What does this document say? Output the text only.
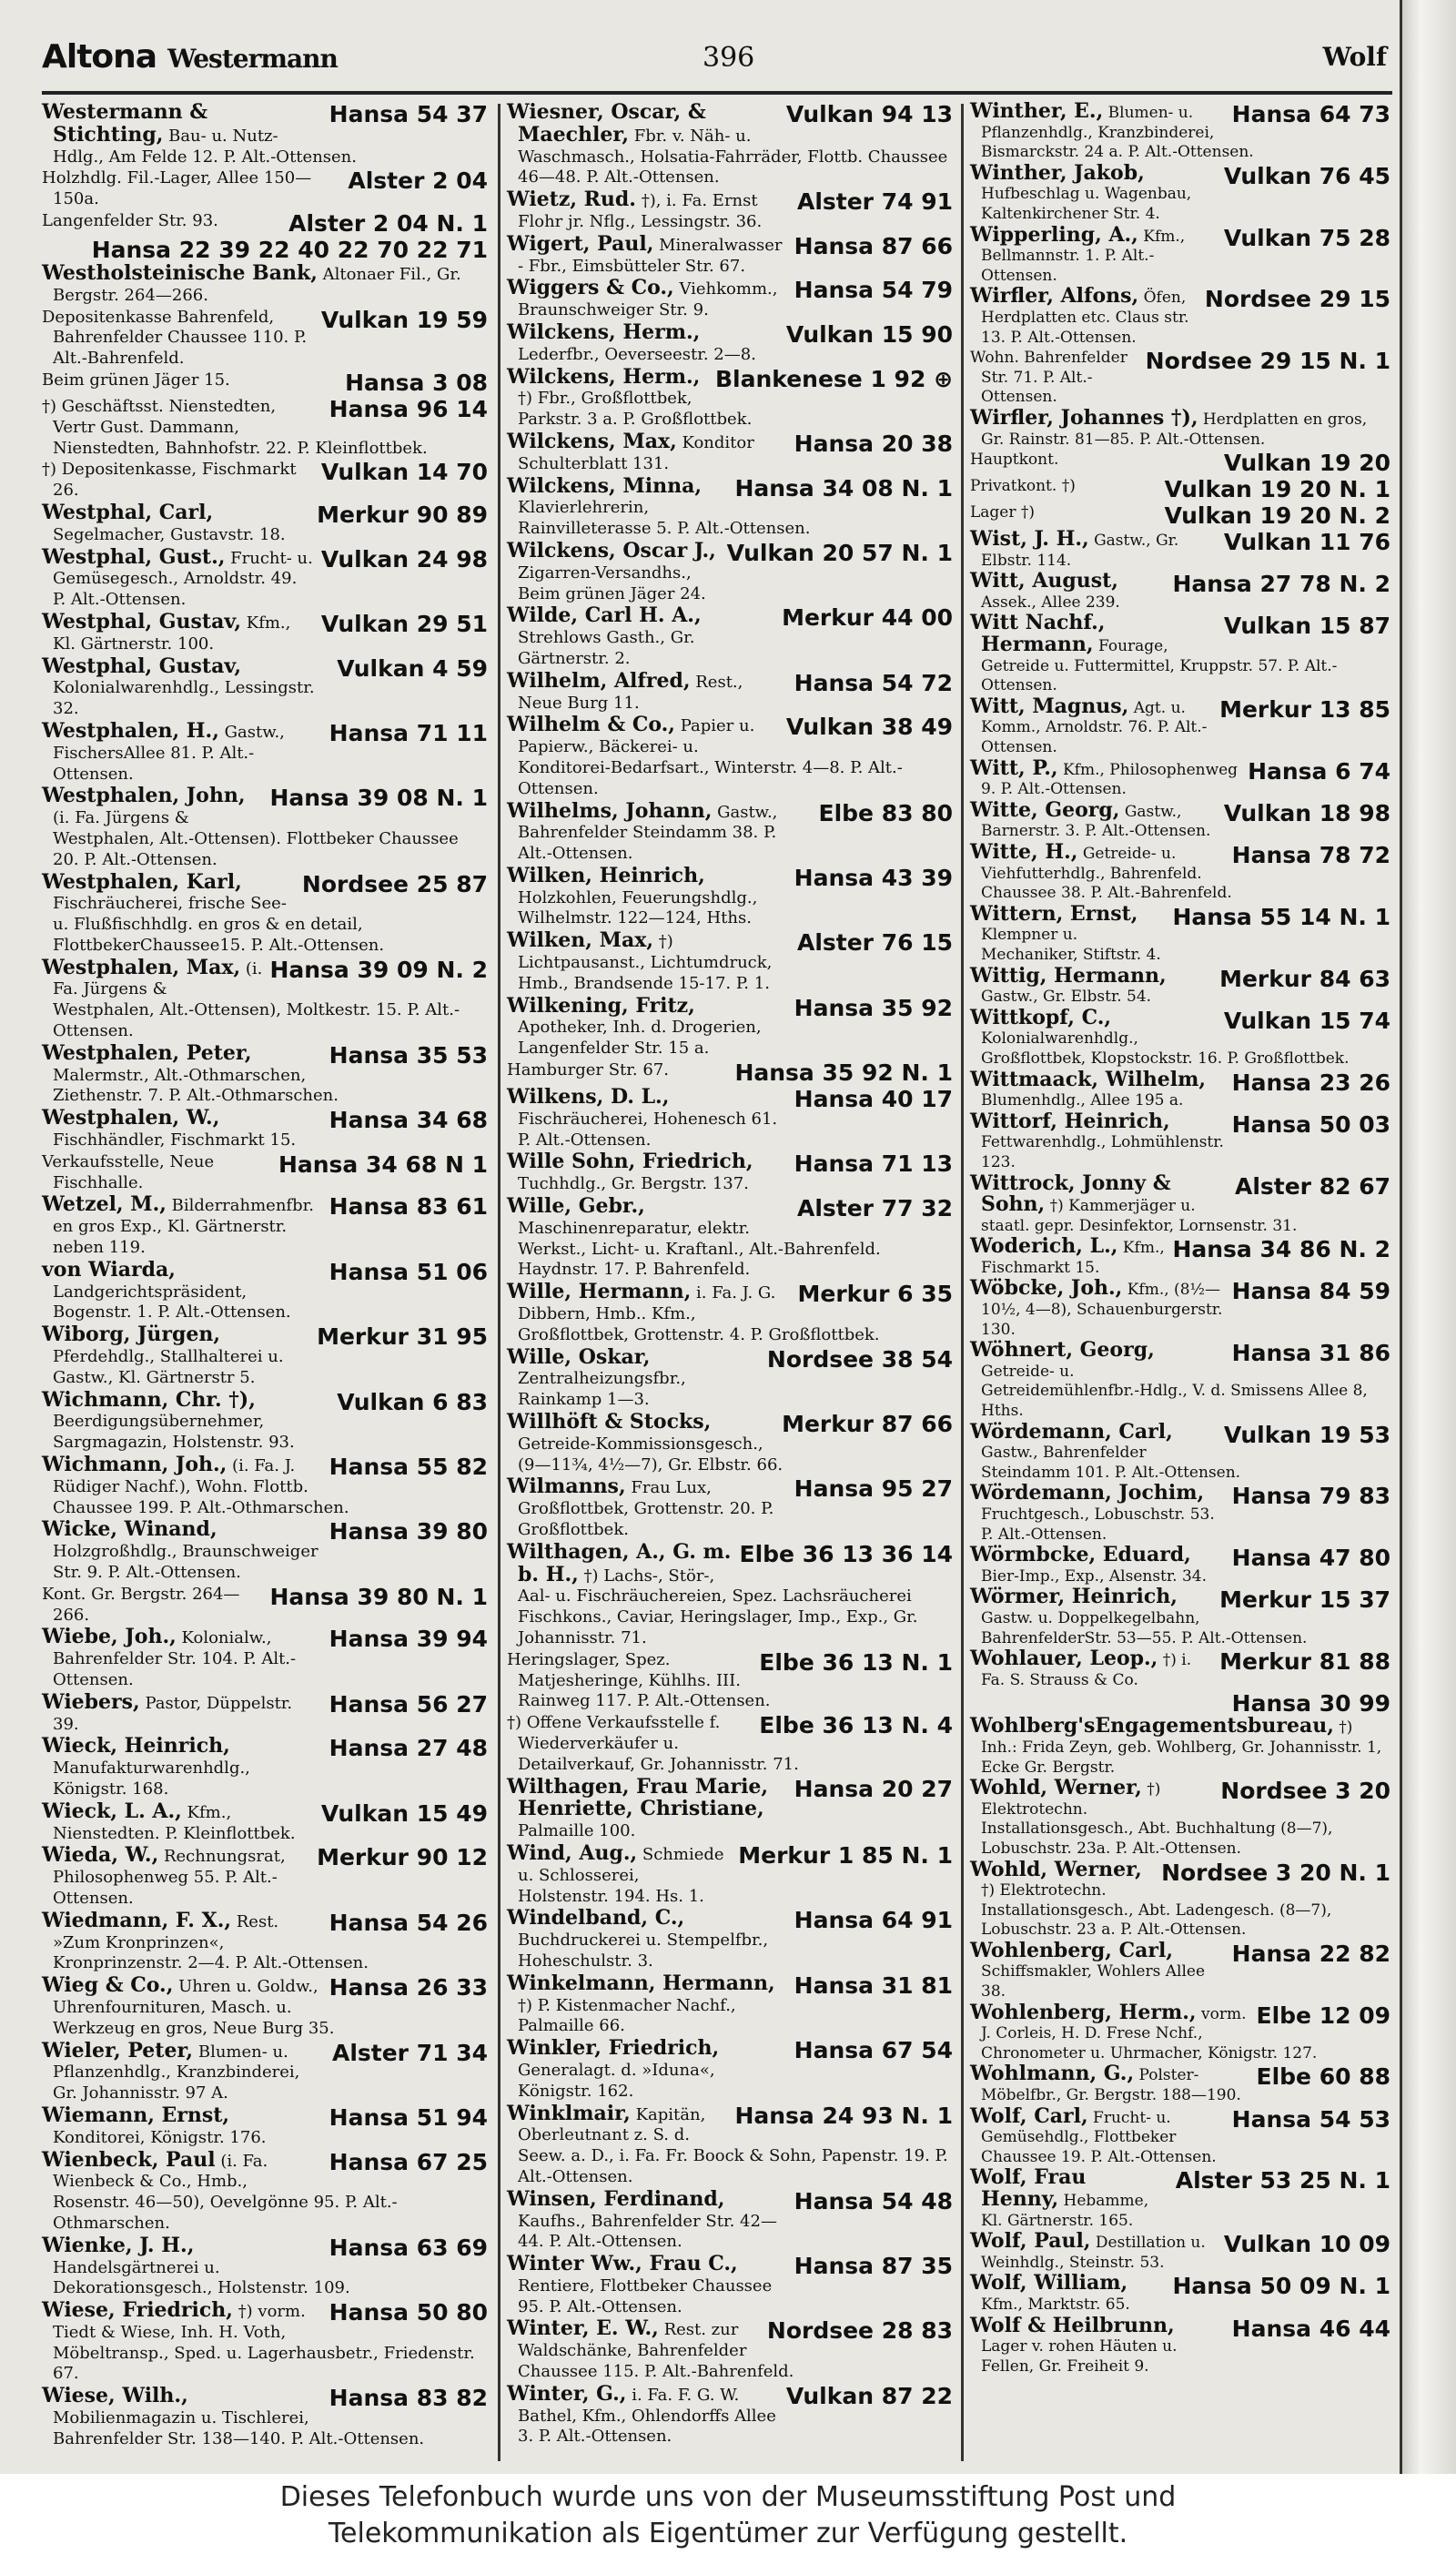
Altona Westermann	396	Wolf
Hansa 54 37
Westermann & Stichting, Bau- u. Nutz-Hdlg., Am Felde 12. P. Alt.-Ottensen.
Alster 2 04
Holzhdlg. Fil.-Lager, Allee 150—150a.
Alster 2 04 N. 1
Langenfelder Str. 93.
Hansa 22 39 22 40 22 70 22 71
Westholsteinische Bank, Altonaer Fil., Gr. Bergstr. 264—266.
Vulkan 19 59
Depositenkasse Bahrenfeld, Bahrenfelder Chaussee 110. P. Alt.-Bahrenfeld.
Hansa 3 08
Beim grünen Jäger 15.
Hansa 96 14
†) Geschäftsst. Nienstedten, Vertr Gust. Dammann, Nienstedten, Bahnhofstr. 22. P. Kleinflottbek.
Vulkan 14 70
†) Depositenkasse, Fischmarkt 26.
Merkur 90 89
Westphal, Carl, Segelmacher, Gustavstr. 18.
Vulkan 24 98
Westphal, Gust., Frucht- u. Gemüsegesch., Arnoldstr. 49. P. Alt.-Ottensen.
Vulkan 29 51
Westphal, Gustav, Kfm., Kl. Gärtnerstr. 100.
Vulkan 4 59
Westphal, Gustav, Kolonialwarenhdlg., Lessingstr. 32.
Hansa 71 11
Westphalen, H., Gastw., FischersAllee 81. P. Alt.-Ottensen.
Hansa 39 08 N. 1
Westphalen, John, (i. Fa. Jürgens & Westphalen, Alt.-Ottensen). Flottbeker Chaussee 20. P. Alt.-Ottensen.
Nordsee 25 87
Westphalen, Karl, Fischräucherei, frische See- u. Flußfischhdlg. en gros & en detail, FlottbekerChaussee15. P. Alt.-Ottensen.
Hansa 39 09 N. 2
Westphalen, Max, (i. Fa. Jürgens & Westphalen, Alt.-Ottensen), Moltkestr. 15. P. Alt.-Ottensen.
Hansa 35 53
Westphalen, Peter, Malermstr., Alt.-Othmarschen, Ziethenstr. 7. P. Alt.-Othmarschen.
Hansa 34 68
Westphalen, W., Fischhändler, Fischmarkt 15.
Hansa 34 68 N 1
Verkaufsstelle, Neue Fischhalle.
Hansa 83 61
Wetzel, M., Bilderrahmenfbr. en gros Exp., Kl. Gärtnerstr. neben 119.
Hansa 51 06
von Wiarda, Landgerichtspräsident, Bogenstr. 1. P. Alt.-Ottensen.
Merkur 31 95
Wiborg, Jürgen, Pferdehdlg., Stallhalterei u. Gastw., Kl. Gärtnerstr 5.
Vulkan 6 83
Wichmann, Chr. †), Beerdigungsübernehmer, Sargmagazin, Holstenstr. 93.
Hansa 55 82
Wichmann, Joh., (i. Fa. J. Rüdiger Nachf.), Wohn. Flottb. Chaussee 199. P. Alt.-Othmarschen.
Hansa 39 80
Wicke, Winand, Holzgroßhdlg., Braunschweiger Str. 9. P. Alt.-Ottensen.
Hansa 39 80 N. 1
Kont. Gr. Bergstr. 264—266.
Hansa 39 94
Wiebe, Joh., Kolonialw., Bahrenfelder Str. 104. P. Alt.-Ottensen.
Hansa 56 27
Wiebers, Pastor, Düppelstr. 39.
Hansa 27 48
Wieck, Heinrich, Manufakturwarenhdlg., Königstr. 168.
Vulkan 15 49
Wieck, L. A., Kfm., Nienstedten. P. Kleinflottbek.
Merkur 90 12
Wieda, W., Rechnungsrat, Philosophenweg 55. P. Alt.-Ottensen.
Hansa 54 26
Wiedmann, F. X., Rest. »Zum Kronprinzen«, Kronprinzenstr. 2—4. P. Alt.-Ottensen.
Hansa 26 33
Wieg & Co., Uhren u. Goldw., Uhrenfournituren, Masch. u. Werkzeug en gros, Neue Burg 35.
Alster 71 34
Wieler, Peter, Blumen- u. Pflanzenhdlg., Kranzbinderei, Gr. Johannisstr. 97 A.
Hansa 51 94
Wiemann, Ernst, Konditorei, Königstr. 176.
Hansa 67 25
Wienbeck, Paul (i. Fa. Wienbeck & Co., Hmb., Rosenstr. 46—50), Oevelgönne 95. P. Alt.-Othmarschen.
Hansa 63 69
Wienke, J. H., Handelsgärtnerei u. Dekorationsgesch., Holstenstr. 109.
Hansa 50 80
Wiese, Friedrich, †) vorm. Tiedt & Wiese, Inh. H. Voth, Möbeltransp., Sped. u. Lagerhausbetr., Friedenstr. 67.
Hansa 83 82
Wiese, Wilh., Mobilienmagazin u. Tischlerei, Bahrenfelder Str. 138—140. P. Alt.-Ottensen.
Vulkan 94 13
Wiesner, Oscar, & Maechler, Fbr. v. Näh- u. Waschmasch., Holsatia-Fahrräder, Flottb. Chaussee 46—48. P. Alt.-Ottensen.
Alster 74 91
Wietz, Rud. †), i. Fa. Ernst Flohr jr. Nflg., Lessingstr. 36.
Hansa 87 66
Wigert, Paul, Mineralwasser - Fbr., Eimsbütteler Str. 67.
Hansa 54 79
Wiggers & Co., Viehkomm., Braunschweiger Str. 9.
Vulkan 15 90
Wilckens, Herm., Lederfbr., Oeverseestr. 2—8.
Blankenese 1 92 ⊕
Wilckens, Herm., †) Fbr., Großflottbek, Parkstr. 3 a. P. Großflottbek.
Hansa 20 38
Wilckens, Max, Konditor Schulterblatt 131.
Hansa 34 08 N. 1
Wilckens, Minna, Klavierlehrerin, Rainvilleterasse 5. P. Alt.-Ottensen.
Vulkan 20 57 N. 1
Wilckens, Oscar J., Zigarren-Versandhs., Beim grünen Jäger 24.
Merkur 44 00
Wilde, Carl H. A., Strehlows Gasth., Gr. Gärtnerstr. 2.
Hansa 54 72
Wilhelm, Alfred, Rest., Neue Burg 11.
Vulkan 38 49
Wilhelm & Co., Papier u. Papierw., Bäckerei- u. Konditorei-Bedarfsart., Winterstr. 4—8. P. Alt.-Ottensen.
Elbe 83 80
Wilhelms, Johann, Gastw., Bahrenfelder Steindamm 38. P. Alt.-Ottensen.
Hansa 43 39
Wilken, Heinrich, Holzkohlen, Feuerungshdlg., Wilhelmstr. 122—124, Hths.
Alster 76 15
Wilken, Max, †) Lichtpausanst., Lichtumdruck, Hmb., Brandsende 15-17. P. 1.
Hansa 35 92
Wilkening, Fritz, Apotheker, Inh. d. Drogerien, Langenfelder Str. 15 a.
Hansa 35 92 N. 1
Hamburger Str. 67.
Hansa 40 17
Wilkens, D. L., Fischräucherei, Hohenesch 61. P. Alt.-Ottensen.
Hansa 71 13
Wille Sohn, Friedrich, Tuchhdlg., Gr. Bergstr. 137.
Alster 77 32
Wille, Gebr., Maschinenreparatur, elektr. Werkst., Licht- u. Kraftanl., Alt.-Bahrenfeld. Haydnstr. 17. P. Bahrenfeld.
Merkur 6 35
Wille, Hermann, i. Fa. J. G. Dibbern, Hmb.. Kfm., Großflottbek, Grottenstr. 4. P. Großflottbek.
Nordsee 38 54
Wille, Oskar, Zentralheizungsfbr., Rainkamp 1—3.
Merkur 87 66
Willhöft & Stocks, Getreide-Kommissionsgesch., (9—11¾, 4½—7), Gr. Elbstr. 66.
Hansa 95 27
Wilmanns, Frau Lux, Großflottbek, Grottenstr. 20. P. Großflottbek.
Elbe 36 13 36 14
Wilthagen, A., G. m. b. H., †) Lachs-, Stör-, Aal- u. Fischräuchereien, Spez. Lachsräucherei Fischkons., Caviar, Heringslager, Imp., Exp., Gr. Johannisstr. 71.
Elbe 36 13 N. 1
Heringslager, Spez. Matjesheringe, Kühlhs. III. Rainweg 117. P. Alt.-Ottensen.
Elbe 36 13 N. 4
†) Offene Verkaufsstelle f. Wiederverkäufer u. Detailverkauf, Gr. Johannisstr. 71.
Hansa 20 27
Wilthagen, Frau Marie, Henriette, Christiane, Palmaille 100.
Merkur 1 85 N. 1
Wind, Aug., Schmiede u. Schlosserei, Holstenstr. 194. Hs. 1.
Hansa 64 91
Windelband, C., Buchdruckerei u. Stempelfbr., Hoheschulstr. 3.
Hansa 31 81
Winkelmann, Hermann, †) P. Kistenmacher Nachf., Palmaille 66.
Hansa 67 54
Winkler, Friedrich, Generalagt. d. »Iduna«, Königstr. 162.
Hansa 24 93 N. 1
Winklmair, Kapitän, Oberleutnant z. S. d. Seew. a. D., i. Fa. Fr. Boock & Sohn, Papenstr. 19. P. Alt.-Ottensen.
Hansa 54 48
Winsen, Ferdinand, Kaufhs., Bahrenfelder Str. 42—44. P. Alt.-Ottensen.
Hansa 87 35
Winter Ww., Frau C., Rentiere, Flottbeker Chaussee 95. P. Alt.-Ottensen.
Nordsee 28 83
Winter, E. W., Rest. zur Waldschänke, Bahrenfelder Chaussee 115. P. Alt.-Bahrenfeld.
Vulkan 87 22
Winter, G., i. Fa. F. G. W. Bathel, Kfm., Ohlendorffs Allee 3. P. Alt.-Ottensen.
Hansa 64 73
Winther, E., Blumen- u. Pflanzenhdlg., Kranzbinderei, Bismarckstr. 24 a. P. Alt.-Ottensen.
Vulkan 76 45
Winther, Jakob, Hufbeschlag u. Wagenbau, Kaltenkirchener Str. 4.
Vulkan 75 28
Wipperling, A., Kfm., Bellmannstr. 1. P. Alt.-Ottensen.
Nordsee 29 15
Wirfler, Alfons, Öfen, Herdplatten etc. Claus str. 13. P. Alt.-Ottensen.
Nordsee 29 15 N. 1
Wohn. Bahrenfelder Str. 71. P. Alt.-Ottensen.
Wirfler, Johannes †), Herdplatten en gros, Gr. Rainstr. 81—85. P. Alt.-Ottensen.
Vulkan 19 20
Hauptkont.
Vulkan 19 20 N. 1
Privatkont. †)
Vulkan 19 20 N. 2
Lager †)
Vulkan 11 76
Wist, J. H., Gastw., Gr. Elbstr. 114.
Hansa 27 78 N. 2
Witt, August, Assek., Allee 239.
Vulkan 15 87
Witt Nachf., Hermann, Fourage, Getreide u. Futtermittel, Kruppstr. 57. P. Alt.-Ottensen.
Merkur 13 85
Witt, Magnus, Agt. u. Komm., Arnoldstr. 76. P. Alt.-Ottensen.
Hansa 6 74
Witt, P., Kfm., Philosophenweg 9. P. Alt.-Ottensen.
Vulkan 18 98
Witte, Georg, Gastw., Barnerstr. 3. P. Alt.-Ottensen.
Hansa 78 72
Witte, H., Getreide- u. Viehfutterhdlg., Bahrenfeld. Chaussee 38. P. Alt.-Bahrenfeld.
Hansa 55 14 N. 1
Wittern, Ernst, Klempner u. Mechaniker, Stiftstr. 4.
Merkur 84 63
Wittig, Hermann, Gastw., Gr. Elbstr. 54.
Vulkan 15 74
Wittkopf, C., Kolonialwarenhdlg., Großflottbek, Klopstockstr. 16. P. Großflottbek.
Hansa 23 26
Wittmaack, Wilhelm, Blumenhdlg., Allee 195 a.
Hansa 50 03
Wittorf, Heinrich, Fettwarenhdlg., Lohmühlenstr. 123.
Alster 82 67
Wittrock, Jonny & Sohn, †) Kammerjäger u. staatl. gepr. Desinfektor, Lornsenstr. 31.
Hansa 34 86 N. 2
Woderich, L., Kfm., Fischmarkt 15.
Hansa 84 59
Wöbcke, Joh., Kfm., (8½—10½, 4—8), Schauenburgerstr. 130.
Hansa 31 86
Wöhnert, Georg, Getreide- u. Getreidemühlenfbr.-Hdlg., V. d. Smissens Allee 8, Hths.
Vulkan 19 53
Wördemann, Carl, Gastw., Bahrenfelder Steindamm 101. P. Alt.-Ottensen.
Hansa 79 83
Wördemann, Jochim, Fruchtgesch., Lobuschstr. 53. P. Alt.-Ottensen.
Hansa 47 80
Wörmbcke, Eduard, Bier-Imp., Exp., Alsenstr. 34.
Merkur 15 37
Wörmer, Heinrich, Gastw. u. Doppelkegelbahn, BahrenfelderStr. 53—55. P. Alt.-Ottensen.
Merkur 81 88
Wohlauer, Leop., †) i. Fa. S. Strauss & Co.
Hansa 30 99
Wohlberg'sEngagementsbureau, †) Inh.: Frida Zeyn, geb. Wohlberg, Gr. Johannisstr. 1, Ecke Gr. Bergstr.
Nordsee 3 20
Wohld, Werner, †) Elektrotechn. Installationsgesch., Abt. Buchhaltung (8—7), Lobuschstr. 23a. P. Alt.-Ottensen.
Nordsee 3 20 N. 1
Wohld, Werner, †) Elektrotechn. Installationsgesch., Abt. Ladengesch. (8—7), Lobuschstr. 23 a. P. Alt.-Ottensen.
Hansa 22 82
Wohlenberg, Carl, Schiffsmakler, Wohlers Allee 38.
Elbe 12 09
Wohlenberg, Herm., vorm. J. Corleis, H. D. Frese Nchf., Chronometer u. Uhrmacher, Königstr. 127.
Elbe 60 88
Wohlmann, G., Polster-Möbelfbr., Gr. Bergstr. 188—190.
Hansa 54 53
Wolf, Carl, Frucht- u. Gemüsehdlg., Flottbeker Chaussee 19. P. Alt.-Ottensen.
Alster 53 25 N. 1
Wolf, Frau Henny, Hebamme, Kl. Gärtnerstr. 165.
Vulkan 10 09
Wolf, Paul, Destillation u. Weinhdlg., Steinstr. 53.
Hansa 50 09 N. 1
Wolf, William, Kfm., Marktstr. 65.
Hansa 46 44
Wolf & Heilbrunn, Lager v. rohen Häuten u. Fellen, Gr. Freiheit 9.

Dieses Telefonbuch wurde uns von der Museumsstiftung Post und

Telekommunikation als Eigentümer zur Verfügung gestellt.
